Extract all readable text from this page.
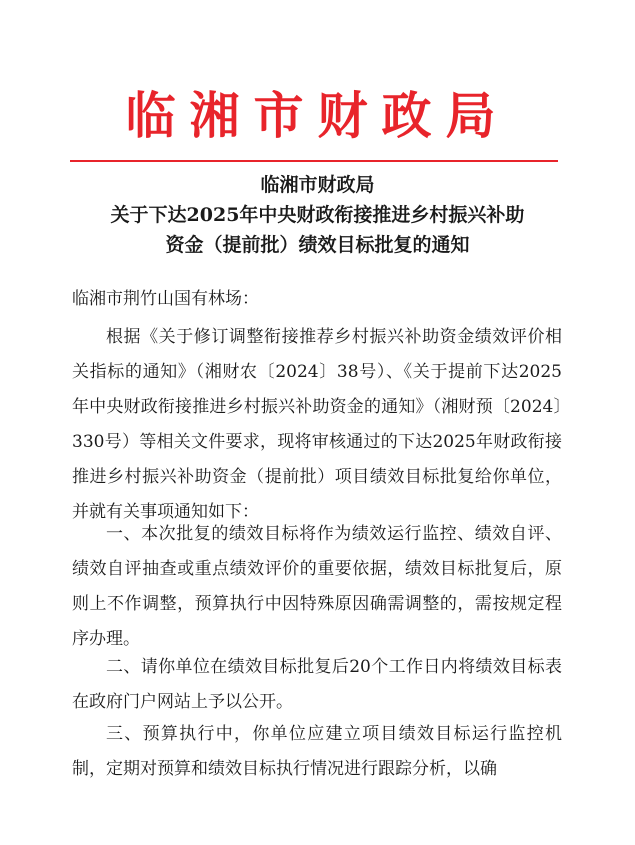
临湘市财政局
临湘市财政局
关于下达2025年中央财政衔接推进乡村振兴补助
资金（提前批）绩效目标批复的通知
临湘市荆竹山国有林场：
根据《关于修订调整衔接推荐乡村振兴补助资金绩效评价相关指标的通知》（湘财农〔2024〕38号）、《关于提前下达2025年中央财政衔接推进乡村振兴补助资金的通知》（湘财预〔2024〕330号）等相关文件要求，现将审核通过的下达2025年财政衔接推进乡村振兴补助资金（提前批）项目绩效目标批复给你单位，并就有关事项通知如下：
一、本次批复的绩效目标将作为绩效运行监控、绩效自评、绩效自评抽查或重点绩效评价的重要依据，绩效目标批复后，原则上不作调整，预算执行中因特殊原因确需调整的，需按规定程序办理。
二、请你单位在绩效目标批复后20个工作日内将绩效目标表在政府门户网站上予以公开。
三、预算执行中，你单位应建立项目绩效目标运行监控机制，定期对预算和绩效目标执行情况进行跟踪分析，以确
